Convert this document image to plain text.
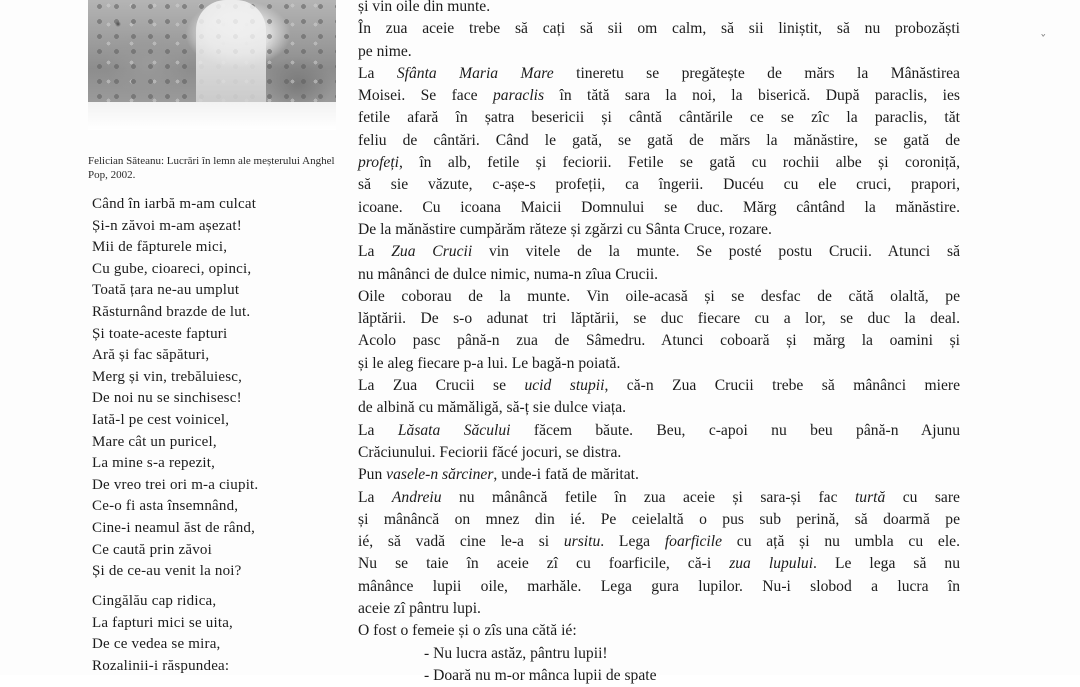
Felician Săteanu: Lucrări în lemn ale meșterului Anghel Pop, 2002.

Când în iarbă m-am culcat
Și-n zăvoi m-am așezat!
Mii de făpturele mici,
Cu gube, cioareci, opinci,
Toată țara ne-au umplut
Răsturnând brazde de lut.
Și toate-aceste fapturi
Ară și fac săpături,
Merg și vin, trebăluiesc,
De noi nu se sinchisesc!
Iată-l pe cest voinicel,
Mare cât un puricel,
La mine s-a repezit,
De vreo trei ori m-a ciupit.
Ce-o fi asta însemnând,
Cine-i neamul ăst de rând,
Ce caută prin zăvoi
Și de ce-au venit la noi?
Cingălău cap ridica,
La fapturi mici se uita,
De ce vedea se mira,
Rozalinii-i răspundea:
și vin oile din munte.
În zua aceie trebe să cați să sii om calm, să sii liniștit, să nu probozăști
pe nime.
La Sfânta Maria Mare tineretu se pregătește de mărs la Mânăstirea
Moisei. Se face paraclis în tătă sara la noi, la biserică. După paraclis, ies
fetile afară în șatra besericii și cântă cântările ce se zîc la paraclis, tăt
feliu de cântări. Când le gată, se gată de mărs la mănăstire, se gată de
profeți, în alb, fetile și feciorii. Fetile se gată cu rochii albe și coroniță,
să sie văzute, c-așe-s profeții, ca îngerii. Ducéu cu ele cruci, prapori,
icoane. Cu icoana Maicii Domnului se duc. Mărg cântând la mănăstire.
De la mănăstire cumpărăm răteze și zgărzi cu Sânta Cruce, rozare.
La Zua Crucii vin vitele de la munte. Se posté postu Crucii. Atunci să
nu mânânci de dulce nimic, numa-n zîua Crucii.
Oile coborau de la munte. Vin oile-acasă și se desfac de cătă olaltă, pe
lăptării. De s-o adunat tri lăptării, se duc fiecare cu a lor, se duc la deal.
Acolo pasc până-n zua de Sâmedru. Atunci coboară și mărg la oamini și
și le aleg fiecare p-a lui. Le bagă-n poiată.
La Zua Crucii se ucid stupii, că-n Zua Crucii trebe să mânânci miere
de albină cu mămăligă, să-ț sie dulce viața.
La Lăsata Săcului făcem băute. Beu, c-apoi nu beu până-n Ajunu
Crăciunului. Feciorii făcé jocuri, se distra.
Pun vasele-n sărciner, unde-i fată de măritat.
La Andreiu nu mânâncă fetile în zua aceie și sara-și fac turtă cu sare
și mânâncă on mnez din ié. Pe ceielaltă o pus sub perină, să doarmă pe
ié, să vadă cine le-a si ursitu. Lega foarficile cu ață și nu umbla cu ele.
Nu se taie în aceie zî cu foarficile, că-i zua lupului. Le lega să nu
mânânce lupii oile, marhăle. Lega gura lupilor. Nu-i slobod a lucra în
aceie zî pântru lupi.
O fost o femeie și o zîs una cătă ié:
- Nu lucra astăz, pântru lupii!
- Doară nu m-or mânca lupii de spate
ˇ
